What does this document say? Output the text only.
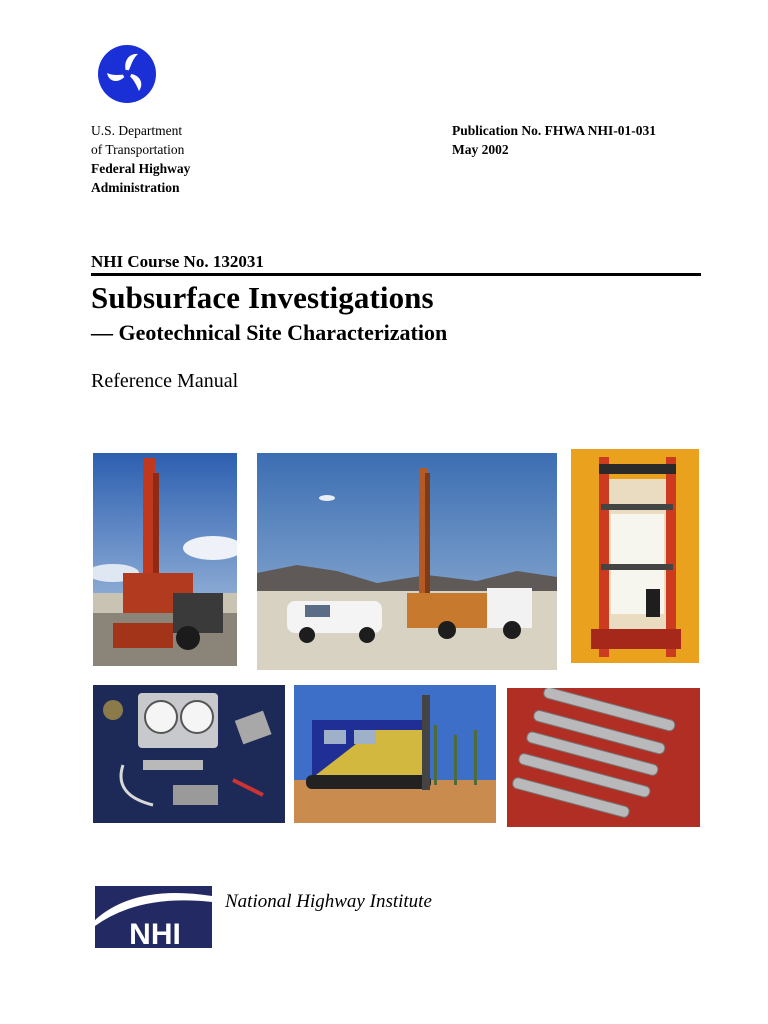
U.S. Department
of Transportation
Federal Highway
Administration
Publication No. FHWA NHI-01-031
May 2002
NHI Course No. 132031
Subsurface Investigations
— Geotechnical Site Characterization
Reference Manual
NHI
National Highway Institute
